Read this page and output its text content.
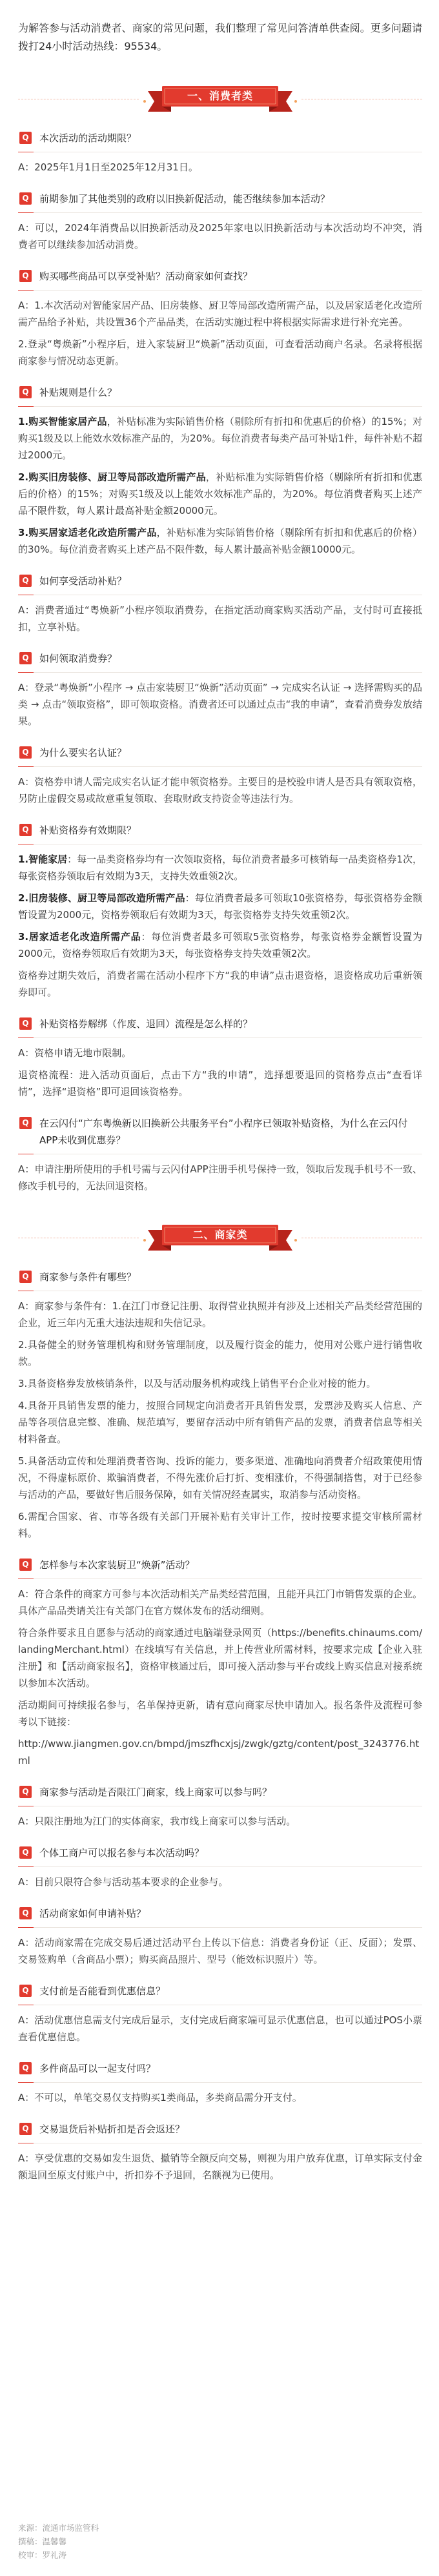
为解答参与活动消费者、商家的常见问题，我们整理了常见问答清单供查阅。更多问题请拨打24小时活动热线：95534。

一、消费者类
Q 本次活动的活动期限？

A：2025年1月1日至2025年12月31日。

Q 前期参加了其他类别的政府以旧换新促活动，能否继续参加本活动？

A：可以，2024年消费品以旧换新活动及2025年家电以旧换新活动与本次活动均不冲突，消费者可以继续参加活动消费。

Q 购买哪些商品可以享受补贴？活动商家如何查找？

A：1.本次活动对智能家居产品、旧房装修、厨卫等局部改造所需产品，以及居家适老化改造所需产品给予补贴，共设置36个产品品类，在活动实施过程中将根据实际需求进行补充完善。

2.登录“粤焕新”小程序后，进入家装厨卫“焕新”活动页面，可查看活动商户名录。名录将根据商家参与情况动态更新。

Q 补贴规则是什么？

1.购买智能家居产品，补贴标准为实际销售价格（剔除所有折扣和优惠后的价格）的15%；对购买1级及以上能效水效标准产品的，为20%。每位消费者每类产品可补贴1件，每件补贴不超过2000元。

2.购买旧房装修、厨卫等局部改造所需产品，补贴标准为实际销售价格（剔除所有折扣和优惠后的价格）的15%；对购买1级及以上能效水效标准产品的，为20%。每位消费者购买上述产品不限件数，每人累计最高补贴金额20000元。

3.购买居家适老化改造所需产品，补贴标准为实际销售价格（剔除所有折扣和优惠后的价格）的30%。每位消费者购买上述产品不限件数，每人累计最高补贴金额10000元。

Q 如何享受活动补贴？

A：消费者通过“粤焕新”小程序领取消费券，在指定活动商家购买活动产品，支付时可直接抵扣，立享补贴。

Q 如何领取消费券？

A：登录“粤焕新”小程序 → 点击家装厨卫“焕新”活动页面” → 完成实名认证 → 选择需购买的品类 → 点击“领取资格”，即可领取资格。消费者还可以通过点击“我的申请”，查看消费券发放结果。

Q 为什么要实名认证？

A：资格券申请人需完成实名认证才能申领资格券。主要目的是校验申请人是否具有领取资格，另防止虚假交易或故意重复领取、套取财政支持资金等违法行为。

Q 补贴资格券有效期限？

1.智能家居：每一品类资格券均有一次领取资格，每位消费者最多可核销每一品类资格券1次，每张资格券领取后有效期为3天，支持失效重领2次。

2.旧房装修、厨卫等局部改造所需产品：每位消费者最多可领取10张资格券，每张资格券金额暂设置为2000元，资格券领取后有效期为3天，每张资格券支持失效重领2次。

3.居家适老化改造所需产品：每位消费者最多可领取5张资格券，每张资格券金额暂设置为2000元，资格券领取后有效期为3天，每张资格券支持失效重领2次。

资格券过期失效后，消费者需在活动小程序下方“我的申请”点击退资格，退资格成功后重新领券即可。

Q 补贴资格券解绑（作废、退回）流程是怎么样的？

A：资格申请无地市限制。

退资格流程：进入活动页面后，点击下方“我的申请”，选择想要退回的资格券点击“查看详情”，选择“退资格”即可退回该资格券。

Q 在云闪付“广东粤焕新以旧换新公共服务平台”小程序已领取补贴资格，为什么在云闪付APP未收到优惠券？

A：申请注册所使用的手机号需与云闪付APP注册手机号保持一致，领取后发现手机号不一致、修改手机号的，无法回退资格。

二、商家类
Q 商家参与条件有哪些？

A：商家参与条件有：1.在江门市登记注册、取得营业执照并有涉及上述相关产品类经营范围的企业，近三年内无重大违法违规和失信记录。

2.具备健全的财务管理机构和财务管理制度，以及履行资金的能力，使用对公账户进行销售收款。

3.具备资格券发放核销条件，以及与活动服务机构或线上销售平台企业对接的能力。

4.具备开具销售发票的能力，按照合同规定向消费者开具销售发票，发票涉及购买人信息、产品等各项信息完整、准确、规范填写，要留存活动中所有销售产品的发票，消费者信息等相关材料备查。

5.具备活动宣传和处理消费者咨询、投诉的能力，要多渠道、准确地向消费者介绍政策使用情况，不得虚标原价、欺骗消费者，不得先涨价后打折、变相涨价，不得强制搭售，对于已经参与活动的产品，要做好售后服务保障，如有关情况经查属实，取消参与活动资格。

6.需配合国家、省、市等各级有关部门开展补贴有关审计工作，按时按要求提交审核所需材料。

Q 怎样参与本次家装厨卫“焕新”活动？

A：符合条件的商家方可参与本次活动相关产品类经营范围，且能开具江门市销售发票的企业。具体产品品类请关注有关部门在官方媒体发布的活动细则。

符合条件要求且自愿参与活动的商家通过电脑端登录网页（https://benefits.chinaums.com/landingMerchant.html）在线填写有关信息，并上传营业所需材料，按要求完成【企业入驻注册】和【活动商家报名】，资格审核通过后，即可接入活动参与平台或线上购买信息对接系统以参加本次活动。

活动期间可持续报名参与，名单保持更新，请有意向商家尽快申请加入。报名条件及流程可参考以下链接：

http://www.jiangmen.gov.cn/bmpd/jmszfhcxjsj/zwgk/gztg/content/post_3243776.html

Q 商家参与活动是否限江门商家，线上商家可以参与吗？

A：只限注册地为江门的实体商家，我市线上商家可以参与活动。

Q 个体工商户可以报名参与本次活动吗？

A：目前只限符合参与活动基本要求的企业参与。

Q 活动商家如何申请补贴？

A：活动商家需在完成交易后通过活动平台上传以下信息：消费者身份证（正、反面）；发票、交易签购单（含商品小票）；购买商品照片、型号（能效标识照片）等。

Q 支付前是否能看到优惠信息？

A：活动优惠信息需支付完成后显示，支付完成后商家端可显示优惠信息，也可以通过POS小票查看优惠信息。

Q 多件商品可以一起支付吗？

A：不可以，单笔交易仅支持购买1类商品，多类商品需分开支付。

Q 交易退货后补贴折扣是否会返还？

A：享受优惠的交易如发生退货、撤销等全额反向交易，则视为用户放弃优惠，订单实际支付金额退回至原支付账户中，折扣券不予退回，名额视为已使用。

来源：流通市场监管科
撰稿：温馨馨
校审：罗礼涛
